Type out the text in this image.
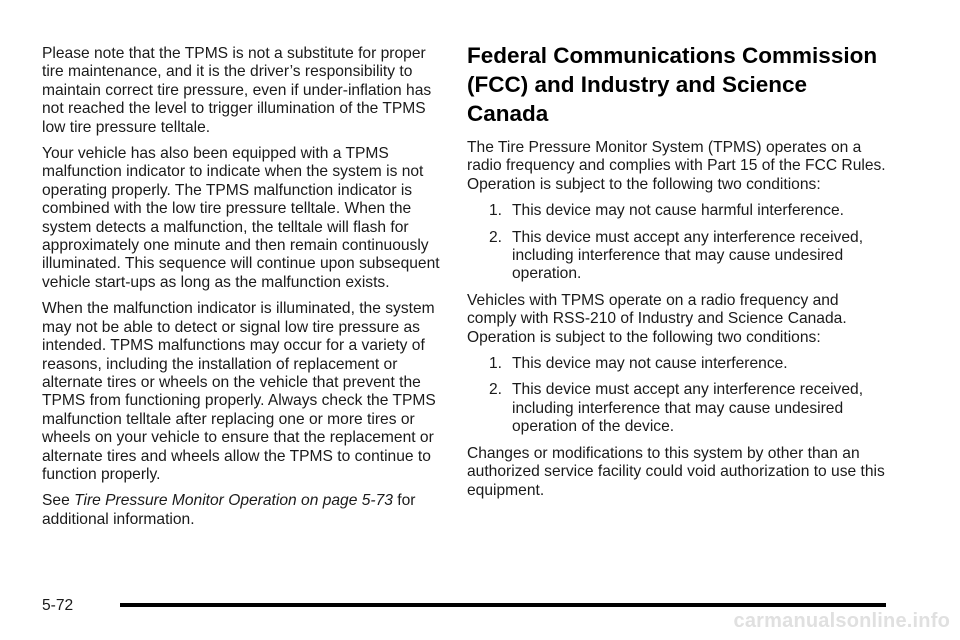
Please note that the TPMS is not a substitute for proper tire maintenance, and it is the driver’s responsibility to maintain correct tire pressure, even if under-inflation has not reached the level to trigger illumination of the TPMS low tire pressure telltale.

Your vehicle has also been equipped with a TPMS malfunction indicator to indicate when the system is not operating properly. The TPMS malfunction indicator is combined with the low tire pressure telltale. When the system detects a malfunction, the telltale will flash for approximately one minute and then remain continuously illuminated. This sequence will continue upon subsequent vehicle start-ups as long as the malfunction exists.

When the malfunction indicator is illuminated, the system may not be able to detect or signal low tire pressure as intended. TPMS malfunctions may occur for a variety of reasons, including the installation of replacement or alternate tires or wheels on the vehicle that prevent the TPMS from functioning properly. Always check the TPMS malfunction telltale after replacing one or more tires or wheels on your vehicle to ensure that the replacement or alternate tires and wheels allow the TPMS to continue to function properly.

See Tire Pressure Monitor Operation on page 5-73 for additional information.

Federal Communications Commission (FCC) and Industry and Science Canada

The Tire Pressure Monitor System (TPMS) operates on a radio frequency and complies with Part 15 of the FCC Rules. Operation is subject to the following two conditions:

1. This device may not cause harmful interference.
2. This device must accept any interference received, including interference that may cause undesired operation.

Vehicles with TPMS operate on a radio frequency and comply with RSS-210 of Industry and Science Canada. Operation is subject to the following two conditions:

1. This device may not cause interference.
2. This device must accept any interference received, including interference that may cause undesired operation of the device.

Changes or modifications to this system by other than an authorized service facility could void authorization to use this equipment.

5-72
carmanualsonline.info
